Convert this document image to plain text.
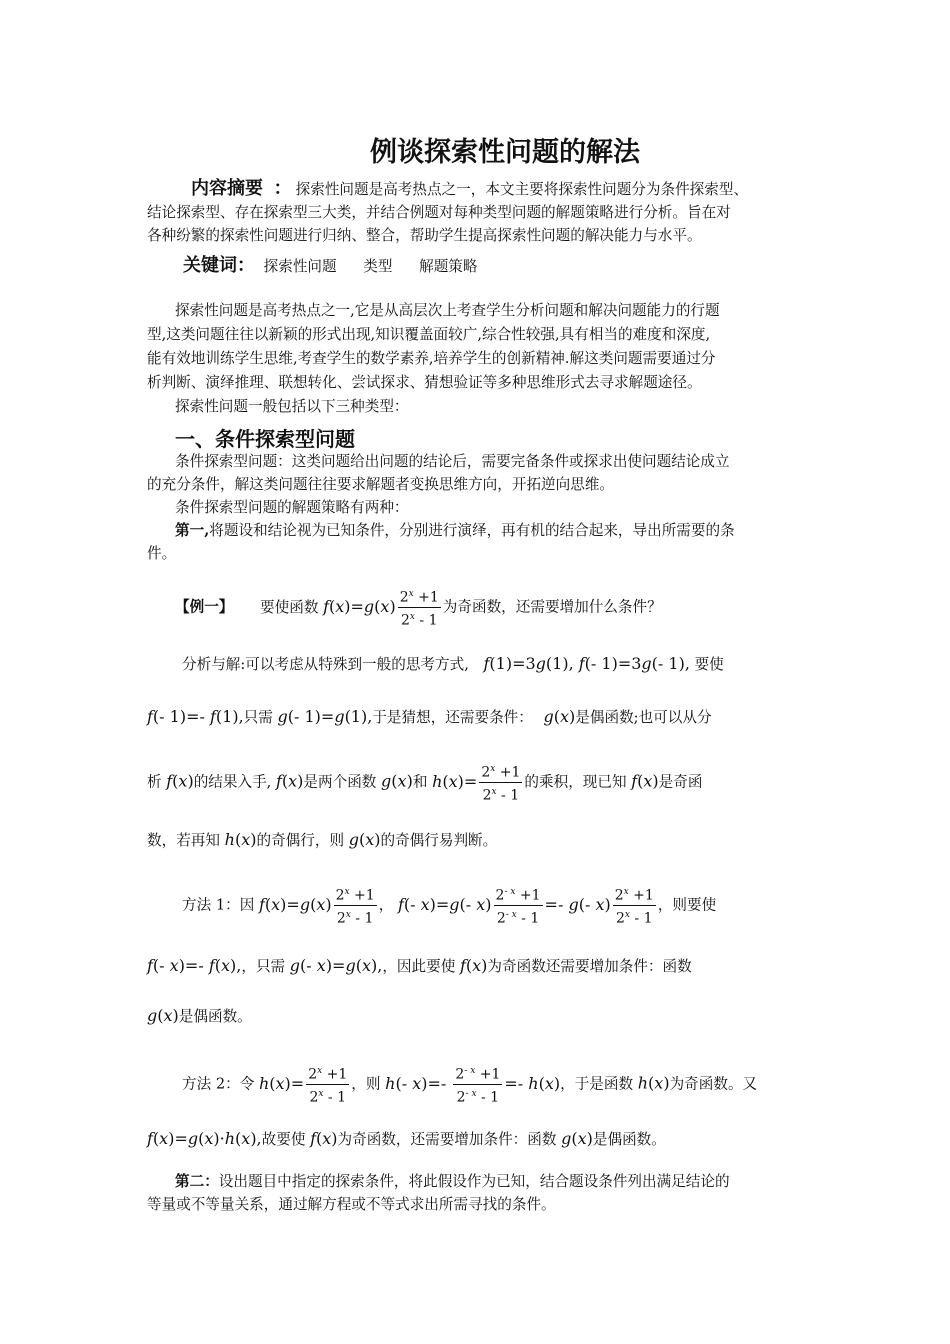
例谈探索性问题的解法
内容摘要 ： 探索性问题是高考热点之一，本文主要将探索性问题分为条件探索型、
结论探索型、存在探索型三大类，并结合例题对每种类型问题的解题策略进行分析。旨在对
各种纷繁的探索性问题进行归纳、整合，帮助学生提高探索性问题的解决能力与水平。
关键词： 探索性问题 类型 解题策略
探索性问题是高考热点之一,它是从高层次上考查学生分析问题和解决问题能力的行题
型,这类问题往往以新颖的形式出现,知识覆盖面较广,综合性较强,具有相当的难度和深度,
能有效地训练学生思维,考查学生的数学素养,培养学生的创新精神.解这类问题需要通过分
析判断、演绎推理、联想转化、尝试探求、猜想验证等多种思维形式去寻求解题途径。
探索性问题一般包括以下三种类型：
一、条件探索型问题
条件探索型问题：这类问题给出问题的结论后，需要完备条件或探求出使问题结论成立
的充分条件，解这类问题往往要求解题者变换思维方向，开拓逆向思维。
条件探索型问题的解题策略有两种：
第一,将题设和结论视为已知条件，分别进行演绎，再有机的结合起来，导出所需要的条
件。
【例一】 要使函数 $f(x)=g(x) \frac{2^x +1}{2^x - 1}$ 为奇函数，还需要增加什么条件？
分析与解:可以考虑从特殊到一般的思考方式, f(1)=3g(1), f(- 1)=3g(- 1), 要使
f(- 1)=- f(1),只需 g(- 1)=g(1),于是猜想，还需要条件： g(x)是偶函数;也可以从分
析 f(x)的结果入手, f(x)是两个函数 g(x)和 $h(x)= \frac{2^x +1}{2^x - 1}$ 的乘积，现已知 f(x)是奇函
数，若再知 h(x)的奇偶行，则 g(x)的奇偶行易判断。
方法 1：因 $f(x)=g(x) \frac{2^x +1}{2^x - 1}$ ， f(- x)=g(- $x) \frac{2^{- x} +1}{2^{- x} - 1} =- g(-$ $x) \frac{2^x +1}{2^x - 1}$ ，则要使
f(- x)=- f(x),，只需 g(- x)=g(x),，因此要使 f(x)为奇函数还需要增加条件：函数
g(x)是偶函数。
方法 2：令 $h(x)= \frac{2^x +1}{2^x - 1}$ ，则 h(- $x)=- \frac{2^{- x} +1}{2^{- x} - 1} =- h(x)$，于是函数 h(x)为奇函数。又
f(x)=g(x)·h(x),故要使 f(x)为奇函数，还需要增加条件：函数 g(x)是偶函数。
第二：设出题目中指定的探索条件，将此假设作为已知，结合题设条件列出满足结论的
等量或不等量关系，通过解方程或不等式求出所需寻找的条件。
